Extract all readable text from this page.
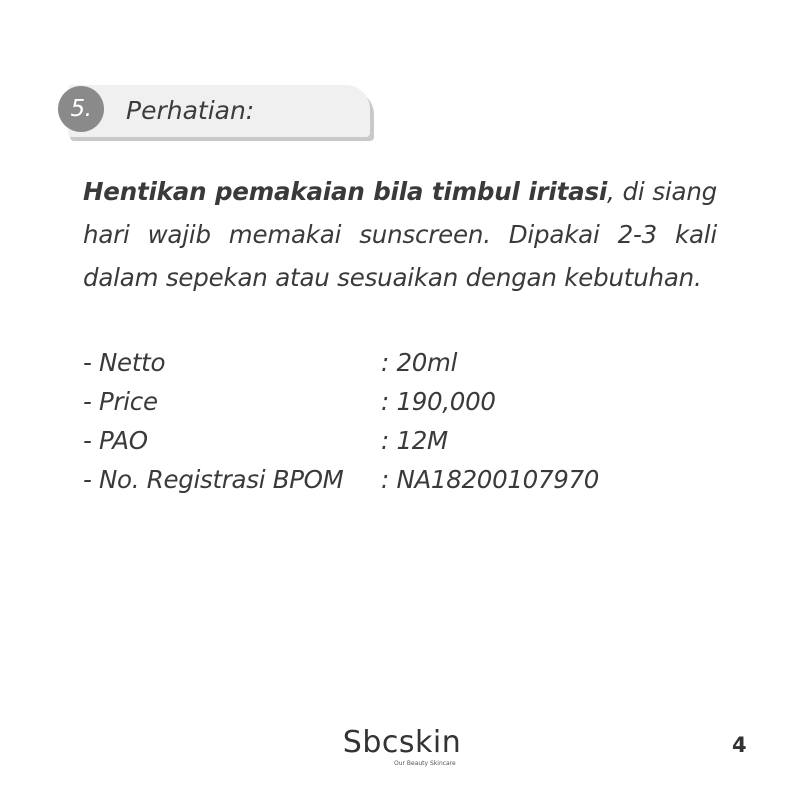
5.	Perhatian:
Hentikan pemakaian bila timbul iritasi, di siang hari wajib memakai sunscreen. Dipakai 2-3 kali dalam sepekan atau sesuaikan dengan kebutuhan.
- Netto	: 20ml
- Price	: 190,000
- PAO	: 12M
- No. Registrasi BPOM : NA18200107970
Sbcskin
Our Beauty Skincare
4
